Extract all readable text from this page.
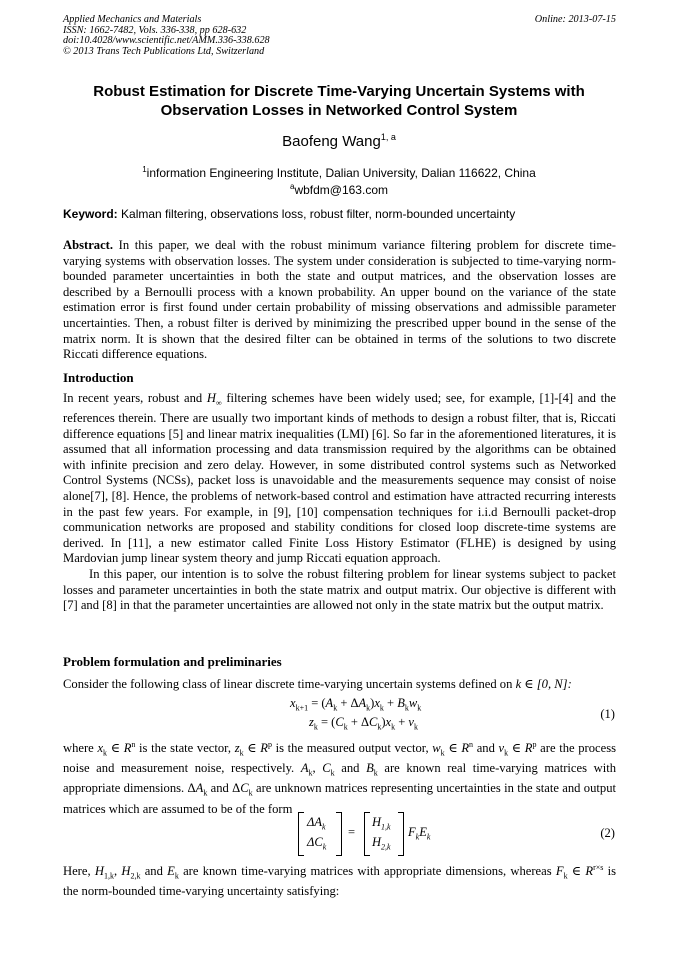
Applied Mechanics and Materials
ISSN: 1662-7482, Vols. 336-338, pp 628-632
doi:10.4028/www.scientific.net/AMM.336-338.628
© 2013 Trans Tech Publications Ltd, Switzerland
Online: 2013-07-15
Robust Estimation for Discrete Time-Varying Uncertain Systems with
Observation Losses in Networked Control System
Baofeng Wang$^{1, a}$
$^1$information Engineering Institute, Dalian University, Dalian 116622, China
$^a$wbfdm@163.com
Keyword: Kalman filtering, observations loss, robust filter, norm-bounded uncertainty
Abstract. In this paper, we deal with the robust minimum variance filtering problem for discrete time-varying systems with observation losses. The system under consideration is subjected to time-varying norm-bounded parameter uncertainties in both the state and output matrices, and the observation losses are described by a Bernoulli process with a known probability. An upper bound on the variance of the state estimation error is first found under certain probability of missing observations and admissible parameter uncertainties. Then, a robust filter is derived by minimizing the prescribed upper bound in the sense of the matrix norm. It is shown that the desired filter can be obtained in terms of the solutions to two discrete Riccati difference equations.
Introduction
In recent years, robust and $H_\infty$ filtering schemes have been widely used; see, for example, [1]-[4] and the references therein. There are usually two important kinds of methods to design a robust filter, that is, Riccati difference equations [5] and linear matrix inequalities (LMI) [6]. So far in the aforementioned literatures, it is assumed that all information processing and data transmission required by the algorithms can be obtained with infinite precision and zero delay. However, in some distributed control systems such as Networked Control Systems (NCSs), packet loss is unavoidable and the measurements sequence may consist of noise alone[7], [8]. Hence, the problems of network-based control and estimation have attracted recurring interests in the past few years. For example, in [9], [10] compensation techniques for i.i.d Bernoulli packet-drop communication networks are proposed and stability conditions for closed loop discrete-time systems are derived. In [11], a new estimator called Finite Loss History Estimator (FLHE) is designed by using Mardovian jump linear system theory and jump Riccati equation approach.
In this paper, our intention is to solve the robust filtering problem for linear systems subject to packet losses and parameter uncertainties in both the state matrix and output matrix. Our objective is different with [7] and [8] in that the parameter uncertainties are allowed not only in the state matrix but the output matrix.
Problem formulation and preliminaries
Consider the following class of linear discrete time-varying uncertain systems defined on k ∈ [0, N]:
$x_{k+1} = (A_k + \Delta A_k)x_k + B_kw_k$
$z_k = (C_k + \Delta C_k)x_k + v_k$
(1)
where $x_k$ ∈ $R^n$ is the state vector, $z_k$ ∈ $R^p$ is the measured output vector, $w_k$ ∈ $R^n$ and $v_k$ ∈ $R^p$ are the process noise and measurement noise, respectively. $A_k$, $C_k$ and $B_k$ are known real time-varying matrices with appropriate dimensions. $\Delta A_k$ and $\Delta C_k$ are unknown matrices representing uncertainties in the state and output matrices which are assumed to be of the form
$\Delta A_k$
$\Delta C_k$
=
$H_{1,k}$
$H_{2,k}$
$F_kE_k$	(2)
Here, $H_{1,k}$, $H_{2,k}$ and $E_k$ are known time-varying matrices with appropriate dimensions, whereas $F_k$ ∈ $R^{r\times s}$ is the norm-bounded time-varying uncertainty satisfying:
